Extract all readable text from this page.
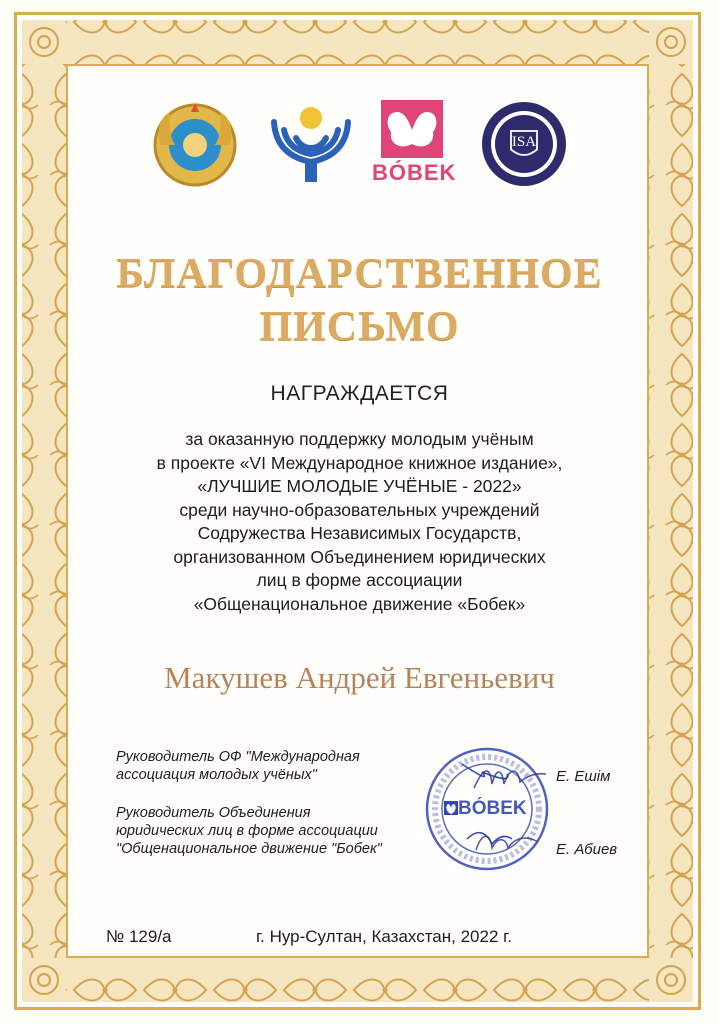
BÓBEK
ISA
БЛАГОДАРСТВЕННОЕ
ПИСЬМО
НАГРАЖДАЕТСЯ
за оказанную поддержку молодым учёным
в проекте «VI Международное книжное издание»,
«ЛУЧШИЕ МОЛОДЫЕ УЧЁНЫЕ - 2022»
среди научно-образовательных учреждений
Содружества Независимых Государств,
организованном Объединением юридических
лиц в форме ассоциации
«Общенациональное движение «Бобек»
Макушев Андрей Евгеньевич
Руководитель ОФ "Международная
ассоциация молодых учёных"
Руководитель Объединения
юридических лиц в форме ассоциации
"Общенациональное движение "Бобек"
BÓBEK
Е. Ешім
Е. Абиев
№ 129/а	г. Нур-Султан, Казахстан, 2022 г.
